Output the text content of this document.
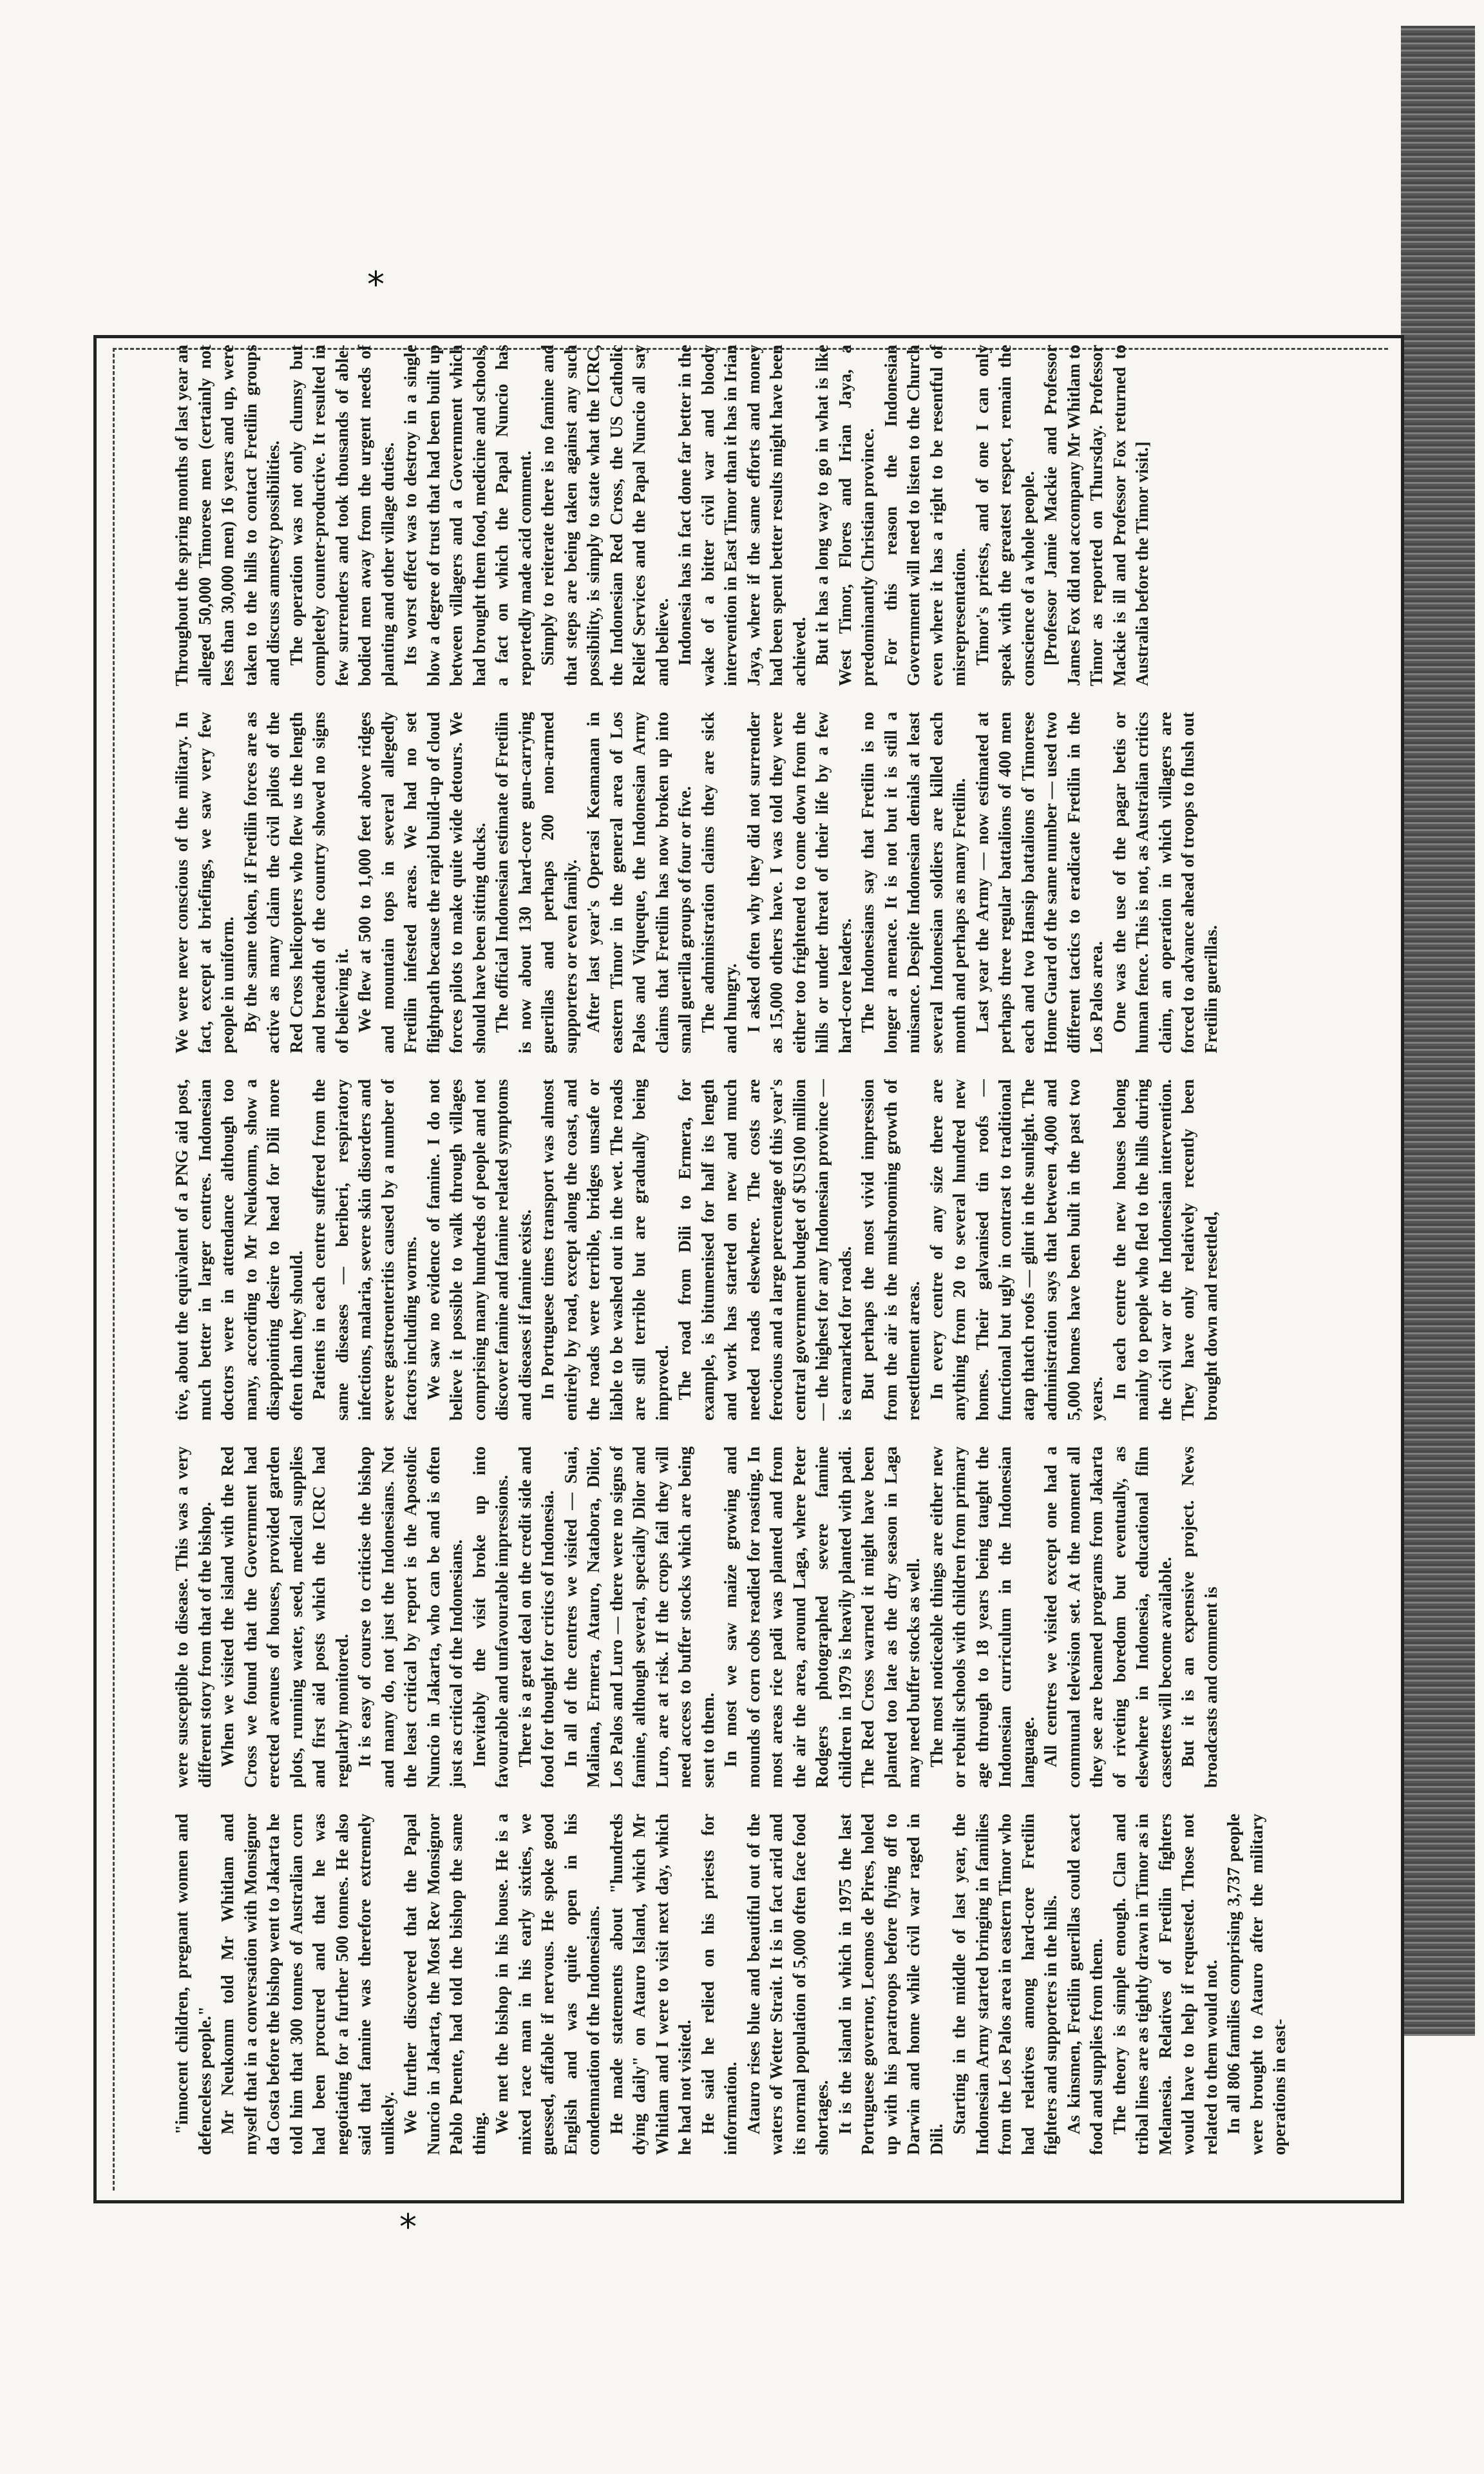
*
*

"innocent children, pregnant women and defenceless people." Mr Neukomm told Mr Whitlam and myself that in a conversation with Monsignor da Costa before the bishop went to Jakarta he told him that 300 tonnes of Australian corn had been procured and that he was negotiating for a further 500 tonnes. He also said that famine was therefore extremely unlikely. We further discovered that the Papal Nuncio in Jakarta, the Most Rev Monsignor Pablo Puente, had told the bishop the same thing. We met the bishop in his house. He is a mixed race man in his early sixties, we guessed, affable if nervous. He spoke good English and was quite open in his condemnation of the Indonesians. He made statements about "hundreds dying daily" on Atauro Island, which Mr Whitlam and I were to visit next day, which he had not visited. He said he relied on his priests for information. Atauro rises blue and beautiful out of the waters of Wetter Strait. It is in fact arid and its normal population of 5,000 often face food shortages. It is the island in which in 1975 the last Portuguese governor, Leomos de Pires, holed up with his paratroops before flying off to Darwin and home while civil war raged in Dili.

Starting in the middle of last year, the Indonesian Army started bringing in families from the Los Palos area in eastern Timor who had relatives among hard-core Fretilin fighters and supporters in the hills. As kinsmen, Fretilin guerillas could exact food and supplies from them. The theory is simple enough. Clan and tribal lines are as tightly drawn in Timor as in Melanesia. Relatives of Fretilin fighters would have to help if requested. Those not related to them would not. In all 806 families comprising 3,737 people were brought to Atauro after the military operations in east-

were susceptible to disease. This was a very different story from that of the bishop. When we visited the island with the Red Cross we found that the Government had erected avenues of houses, provided garden plots, running water, seed, medical supplies and first aid posts which the ICRC had regularly monitored. It is easy of course to criticise the bishop and many do, not just the Indonesians. Not the least critical by report is the Apostolic Nuncio in Jakarta, who can be and is often just as critical of the Indonesians. Inevitably the visit broke up into favourable and unfavourable impressions. There is a great deal on the credit side and food for thought for critics of Indonesia. In all of the centres we visited — Suai, Maliana, Ermera, Atauro, Natabora, Dilor, Los Palos and Luro — there were no signs of famine, although several, specially Dilor and Luro, are at risk. If the crops fail they will need access to buffer stocks which are being sent to them. In most we saw maize growing and mounds of corn cobs readied for roasting. In most areas rice padi was planted and from the air the area, around Laga, where Peter Rodgers photographed severe famine children in 1979 is heavily planted with padi. The Red Cross warned it might have been planted too late as the dry season in Laga may need buffer stocks as well. The most noticeable things are either new or rebuilt schools with children from primary age through to 18 years being taught the Indonesian curriculum in the Indonesian language. All centres we visited except one had a communal television set. At the moment all they see are beamed programs from Jakarta of riveting boredom but eventually, as elsewhere in Indonesia, educational film cassettes will become available. But it is an expensive project. News broadcasts and comment is

tive, about the equivalent of a PNG aid post, much better in larger centres. Indonesian doctors were in attendance although too many, according to Mr Neukomm, show a disappointing desire to head for Dili more often than they should. Patients in each centre suffered from the same diseases — beriberi, respiratory infections, malaria, severe skin disorders and severe gastroenteritis caused by a number of factors including worms. We saw no evidence of famine. I do not believe it possible to walk through villages comprising many hundreds of people and not discover famine and famine related symptoms and diseases if famine exists. In Portuguese times transport was almost entirely by road, except along the coast, and the roads were terrible, bridges unsafe or liable to be washed out in the wet. The roads are still terrible but are gradually being improved. The road from Dili to Ermera, for example, is bitumenised for half its length and work has started on new and much needed roads elsewhere. The costs are ferocious and a large percentage of this year's central government budget of $US100 million — the highest for any Indonesian province — is earmarked for roads. But perhaps the most vivid impression from the air is the mushrooming growth of resettlement areas. In every centre of any size there are anything from 20 to several hundred new homes. Their galvanised tin roofs — functional but ugly in contrast to traditional atap thatch roofs — glint in the sunlight. The administration says that between 4,000 and 5,000 homes have been built in the past two years. In each centre the new houses belong mainly to people who fled to the hills during the civil war or the Indonesian intervention. They have only relatively recently been brought down and resettled,

We were never conscious of the military. In fact, except at briefings, we saw very few people in uniform. By the same token, if Fretilin forces are as active as many claim the civil pilots of the Red Cross helicopters who flew us the length and breadth of the country showed no signs of believing it. We flew at 500 to 1,000 feet above ridges and mountain tops in several allegedly Fretilin infested areas. We had no set flightpath because the rapid build-up of cloud forces pilots to make quite wide detours. We should have been sitting ducks. The official Indonesian estimate of Fretilin is now about 130 hard-core gun-carrying guerillas and perhaps 200 non-armed supporters or even family. After last year's Operasi Keamanan in eastern Timor in the general area of Los Palos and Viqueque, the Indonesian Army claims that Fretilin has now broken up into small guerilla groups of four or five. The administration claims they are sick and hungry. I asked often why they did not surrender as 15,000 others have. I was told they were either too frightened to come down from the hills or under threat of their life by a few hard-core leaders. The Indonesians say that Fretilin is no longer a menace. It is not but it is still a nuisance. Despite Indonesian denials at least several Indonesian soldiers are killed each month and perhaps as many Fretilin. Last year the Army — now estimated at perhaps three regular battalions of 400 men each and two Hansip battalions of Timorese Home Guard of the same number — used two different tactics to eradicate Fretilin in the Los Palos area. One was the use of the pagar betis or human fence. This is not, as Australian critics claim, an operation in which villagers are forced to advance ahead of troops to flush out Fretilin guerillas.

Throughout the spring months of last year an alleged 50,000 Timorese men (certainly not less than 30,000 men) 16 years and up, were taken to the hills to contact Fretilin groups and discuss amnesty possibilities. The operation was not only clumsy but completely counter-productive. It resulted in few surrenders and took thousands of able-bodied men away from the urgent needs of planting and other village duties. Its worst effect was to destroy in a single blow a degree of trust that had been built up between villagers and a Government which had brought them food, medicine and schools, a fact on which the Papal Nuncio has reportedly made acid comment. Simply to reiterate there is no famine and that steps are being taken against any such possibility, is simply to state what the ICRC, the Indonesian Red Cross, the US Catholic Relief Services and the Papal Nuncio all say and believe. Indonesia has in fact done far better in the wake of a bitter civil war and bloody intervention in East Timor than it has in Irian Jaya, where if the same efforts and money had been spent better results might have been achieved. But it has a long way to go in what is like West Timor, Flores and Irian Jaya, a predominantly Christian province. For this reason the Indonesian Government will need to listen to the Church even where it has a right to be resentful of misrepresentation. Timor's priests, and of one I can only speak with the greatest respect, remain the conscience of a whole people. [Professor Jamie Mackie and Professor James Fox did not accompany Mr Whitlam to Timor as reported on Thursday. Professor Mackie is ill and Professor Fox returned to Australia before the Timor visit.]
